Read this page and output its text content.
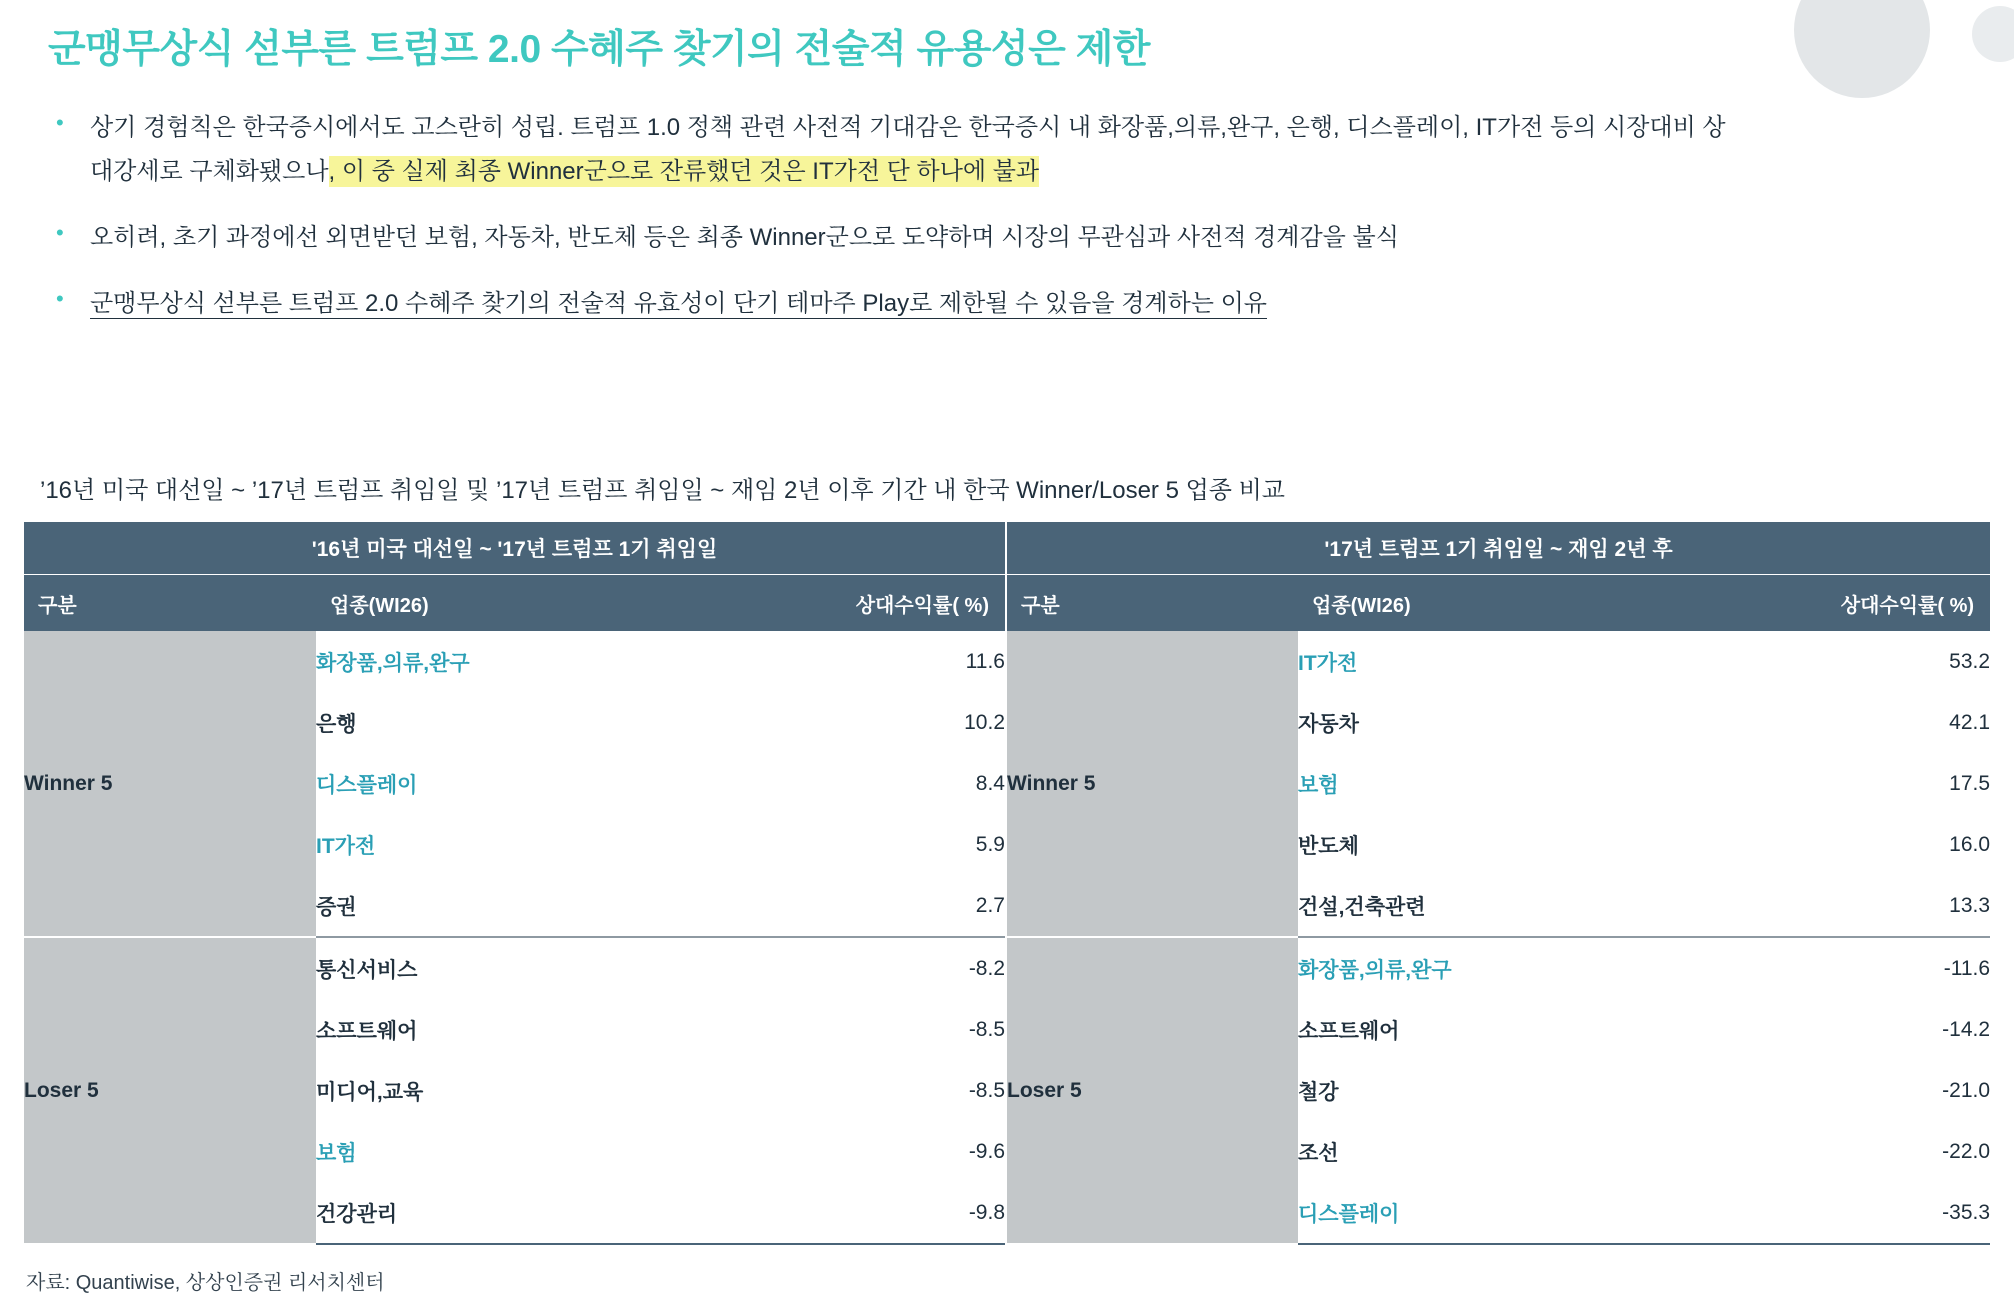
군맹무상식 섣부른 트럼프 2.0 수혜주 찾기의 전술적 유용성은 제한
•	상기 경험칙은 한국증시에서도 고스란히 성립. 트럼프 1.0 정책 관련 사전적 기대감은 한국증시 내 화장품,의류,완구, 은행, 디스플레이, IT가전 등의 시장대비 상대강세로 구체화됐으나, 이 중 실제 최종 Winner군으로 잔류했던 것은 IT가전 단 하나에 불과
•	오히려, 초기 과정에선 외면받던 보험, 자동차, 반도체 등은 최종 Winner군으로 도약하며 시장의 무관심과 사전적 경계감을 불식
•	군맹무상식 섣부른 트럼프 2.0 수혜주 찾기의 전술적 유효성이 단기 테마주 Play로 제한될 수 있음을 경계하는 이유
’16년 미국 대선일 ~ ’17년 트럼프 취임일 및 ’17년 트럼프 취임일 ~ 재임 2년 이후 기간 내 한국 Winner/Loser 5 업종 비교
'16년 미국 대선일 ~ '17년 트럼프 1기 취임일			'17년 트럼프 1기 취임일 ~ 재임 2년 후		
구분	업종(WI26)	상대수익률( %)	구분	업종(WI26)	상대수익률( %)
Winner 5	화장품,의류,완구	11.6	Winner 5	IT가전	53.2
	은행	10.2		자동차	42.1
	디스플레이	8.4		보험	17.5
	IT가전	5.9		반도체	16.0
	증권	2.7		건설,건축관련	13.3
Loser 5	통신서비스	-8.2	Loser 5	화장품,의류,완구	-11.6
	소프트웨어	-8.5		소프트웨어	-14.2
	미디어,교육	-8.5		철강	-21.0
	보험	-9.6		조선	-22.0
	건강관리	-9.8		디스플레이	-35.3
자료: Quantiwise, 상상인증권 리서치센터
